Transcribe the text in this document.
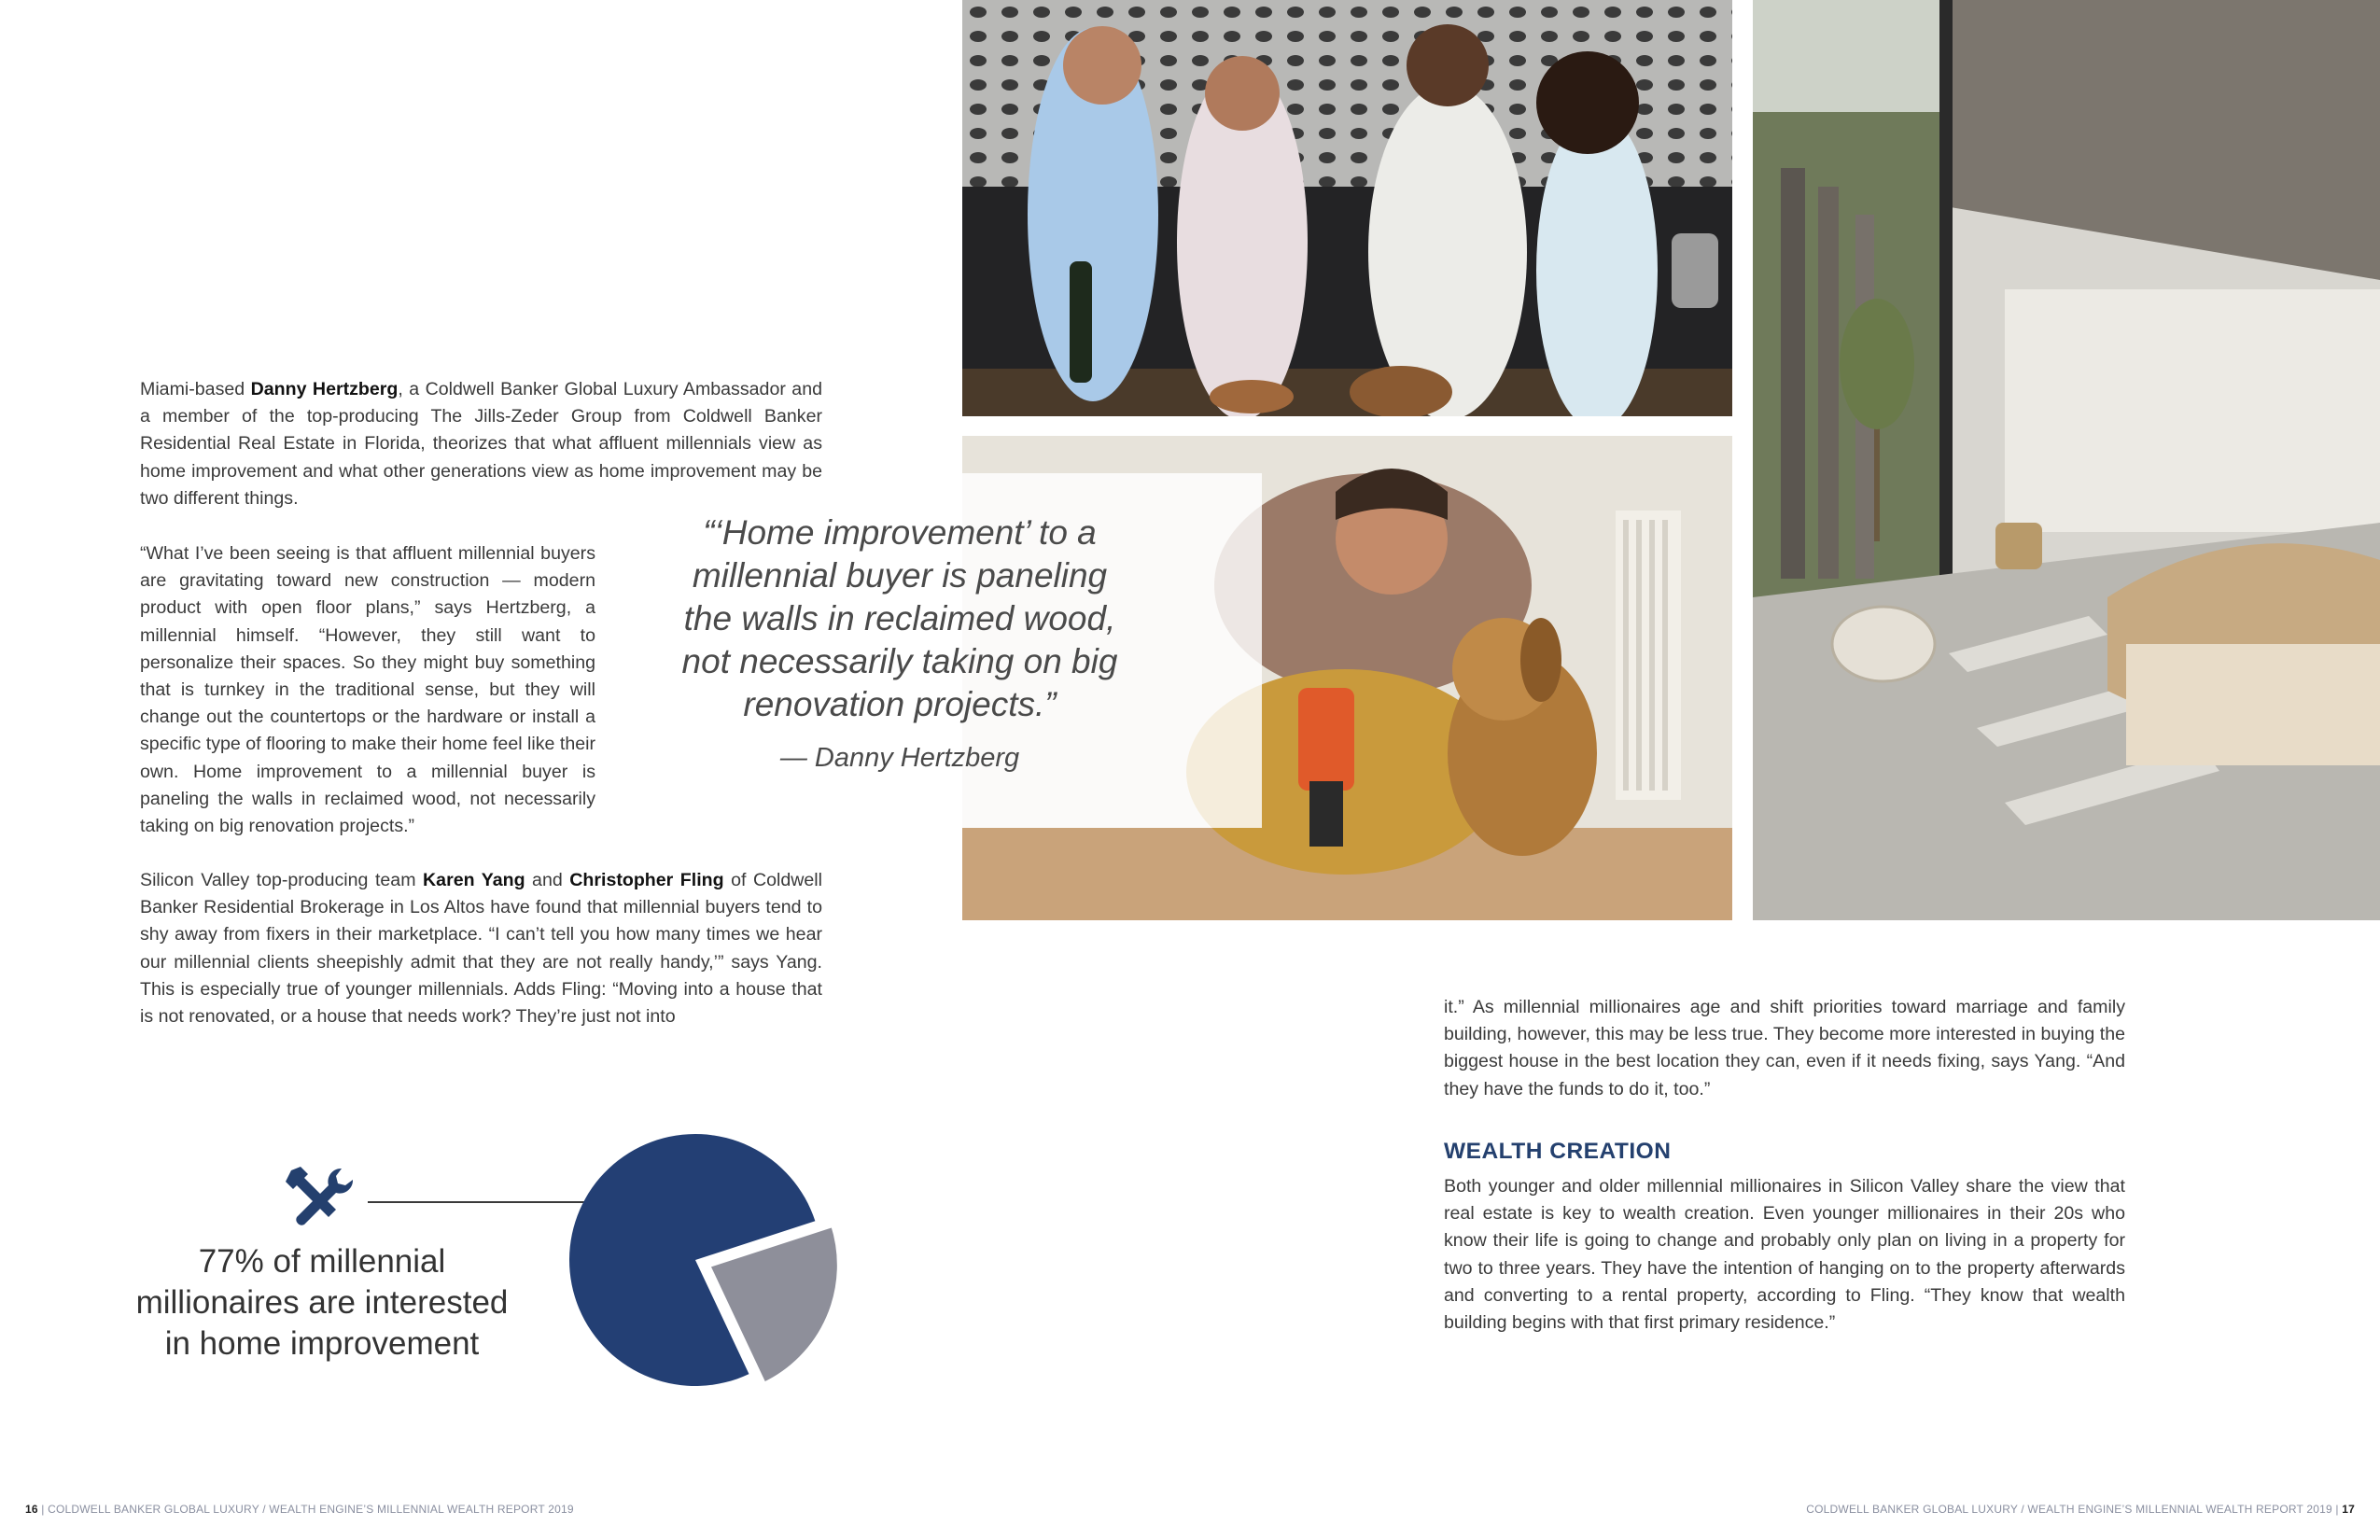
Miami-based Danny Hertzberg, a Coldwell Banker Global Luxury Ambassador and a member of the top-producing The Jills-Zeder Group from Coldwell Banker Residential Real Estate in Florida, theorizes that what affluent millennials view as home improvement and what other generations view as home improvement may be two different things.

“What I’ve been seeing is that affluent millennial buyers are gravitating toward new construction — modern product with open floor plans,” says Hertzberg, a millennial himself. “However, they still want to personalize their spaces. So they might buy something that is turnkey in the traditional sense, but they will change out the countertops or the hardware or install a specific type of flooring to make their home feel like their own. Home improvement to a millennial buyer is paneling the walls in reclaimed wood, not necessarily taking on big renovation projects.”

Silicon Valley top-producing team Karen Yang and Christopher Fling of Coldwell Banker Residential Brokerage in Los Altos have found that millennial buyers tend to shy away from fixers in their marketplace. “I can’t tell you how many times we hear our millennial clients sheepishly admit that they are not really handy,’” says Yang. This is especially true of younger millennials. Adds Fling: “Moving into a house that is not renovated, or a house that needs work? They’re just not into

“‘Home improvement’ to a millennial buyer is paneling the walls in reclaimed wood, not necessarily taking on big renovation projects.”

— Danny Hertzberg
77% of millennial millionaires are interested in home improvement

it.” As millennial millionaires age and shift priorities toward marriage and family building, however, this may be less true. They become more interested in buying the biggest house in the best location they can, even if it needs fixing, says Yang. “And they have the funds to do it, too.”

WEALTH CREATION

Both younger and older millennial millionaires in Silicon Valley share the view that real estate is key to wealth creation. Even younger millionaires in their 20s who know their life is going to change and probably only plan on living in a property for two to three years. They have the intention of hanging on to the property afterwards and converting to a rental property, according to Fling. “They know that wealth building begins with that first primary residence.”

16 | COLDWELL BANKER GLOBAL LUXURY / WEALTH ENGINE’S MILLENNIAL WEALTH REPORT 2019	COLDWELL BANKER GLOBAL LUXURY / WEALTH ENGINE’S MILLENNIAL WEALTH REPORT 2019 | 17
